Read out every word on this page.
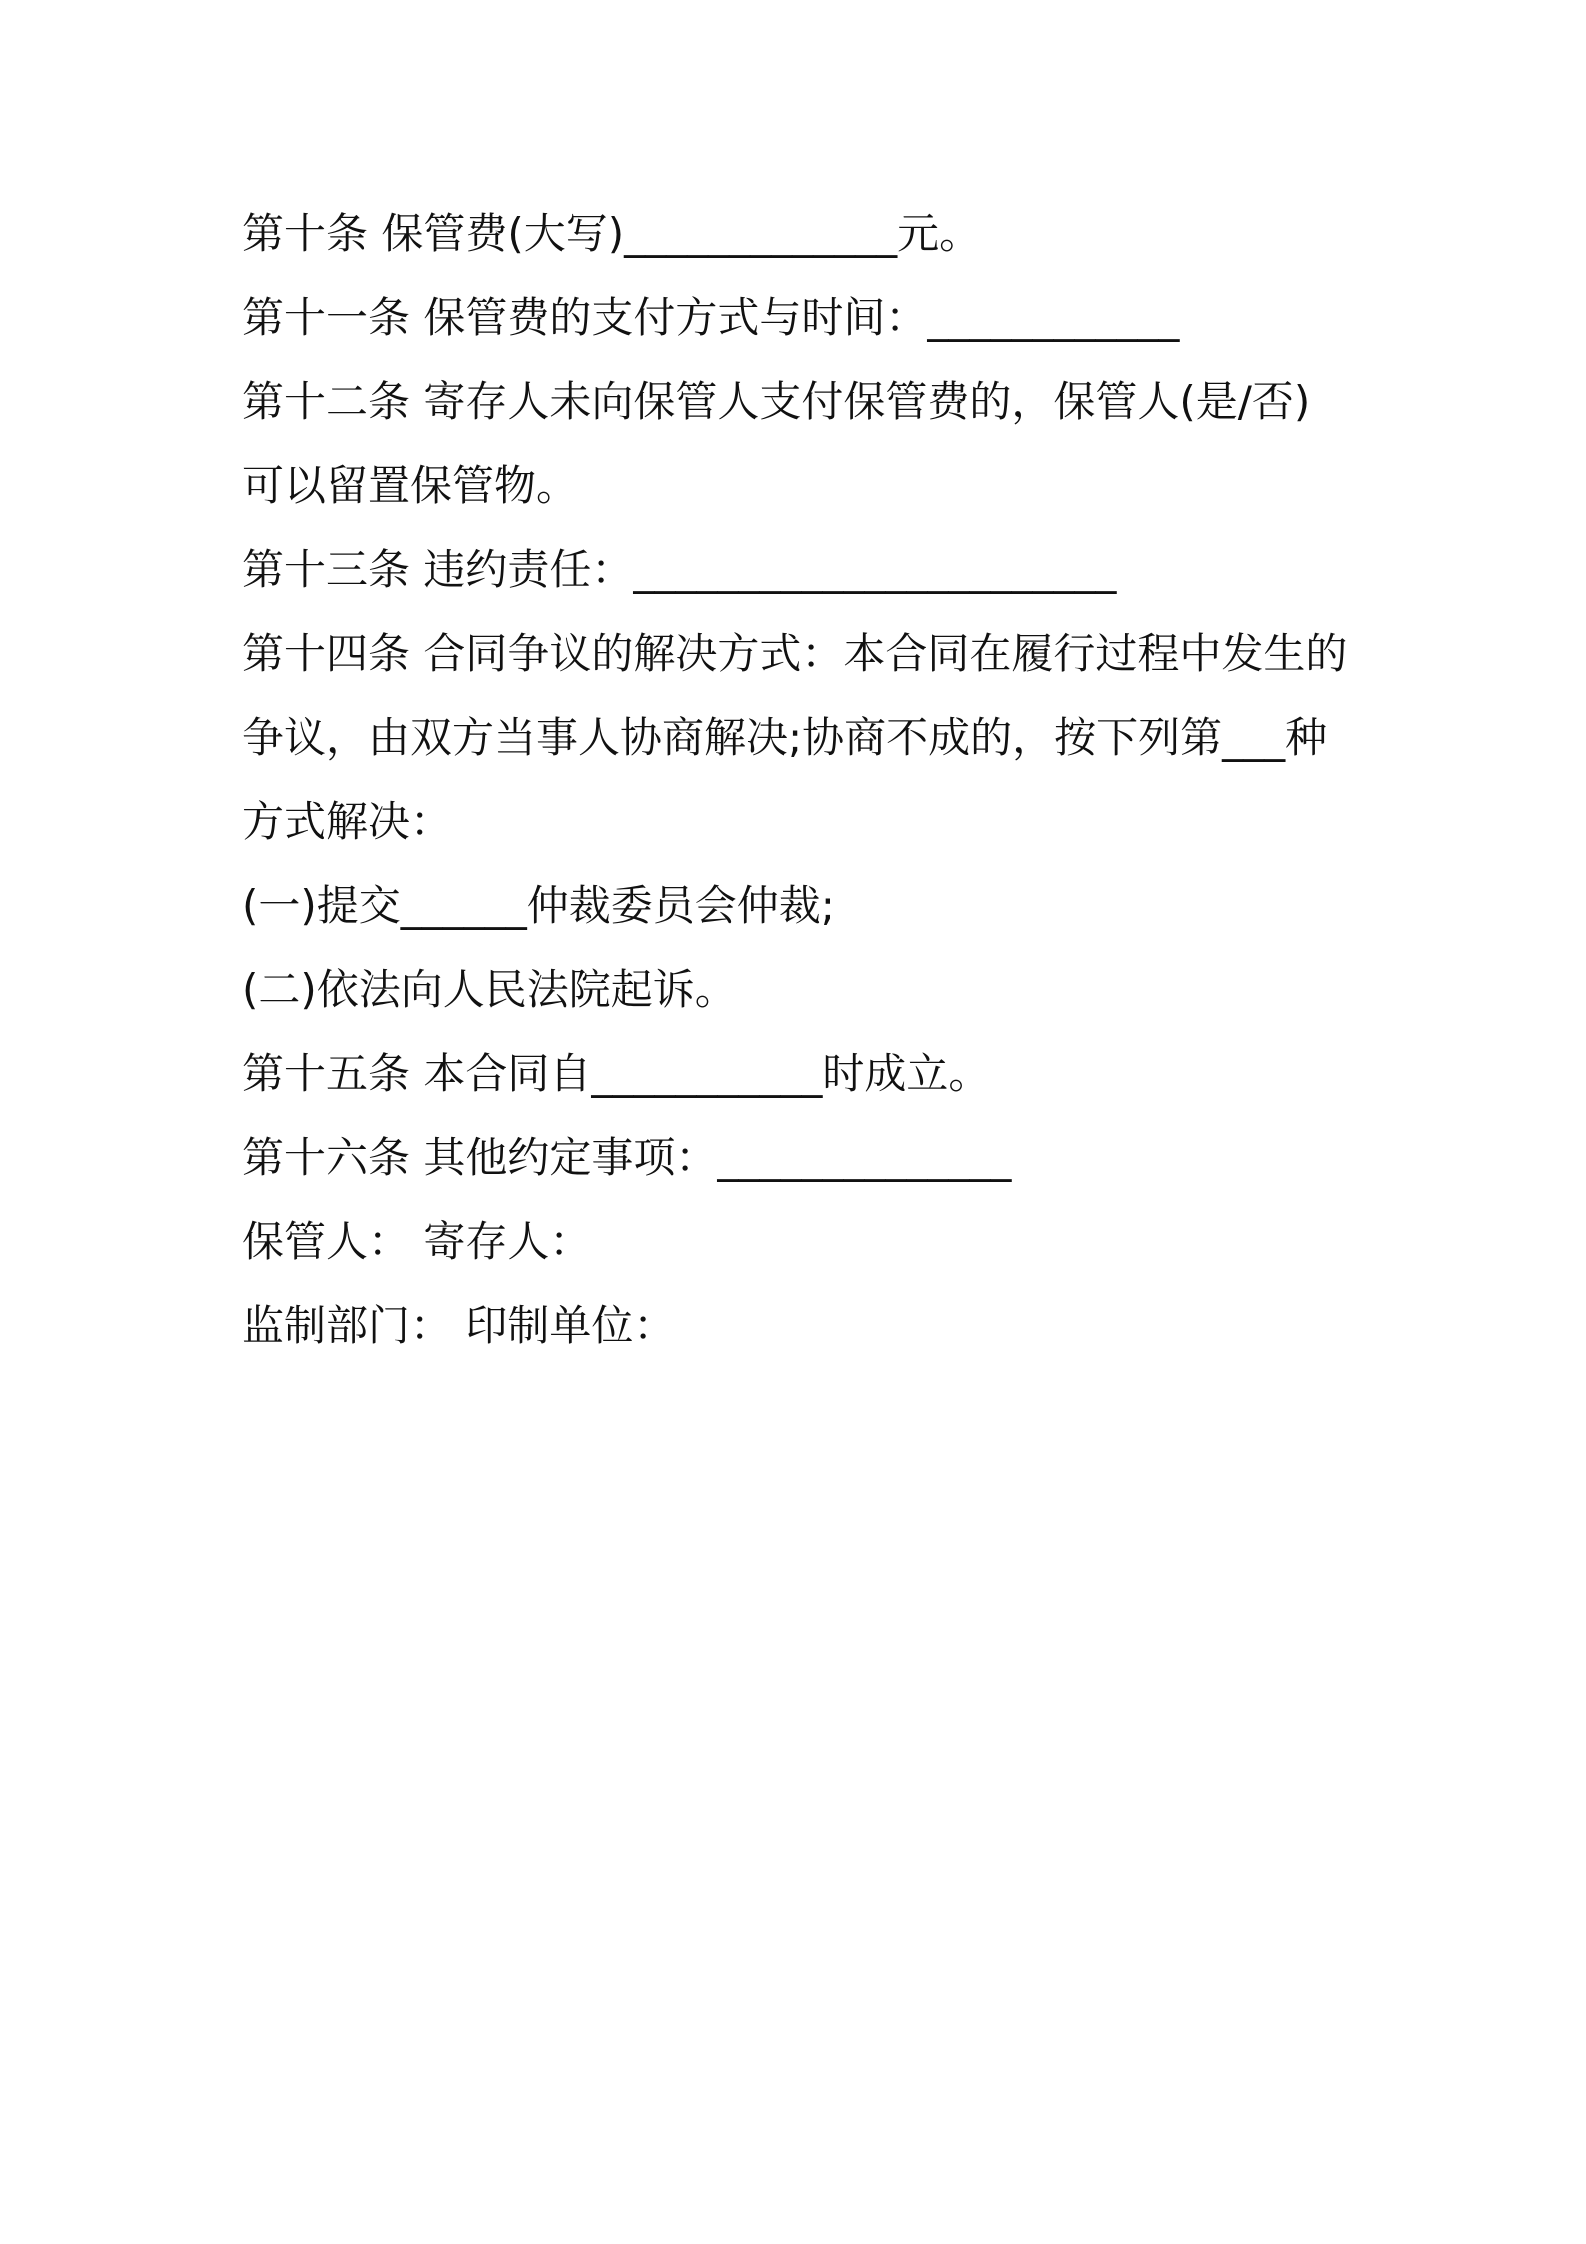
第十条 保管费(大写)_____________元。
第十一条 保管费的支付方式与时间：____________
第十二条 寄存人未向保管人支付保管费的，保管人(是/否)
可以留置保管物。
第十三条 违约责任：_______________________
第十四条 合同争议的解决方式：本合同在履行过程中发生的
争议，由双方当事人协商解决;协商不成的，按下列第___种
方式解决：
(一)提交______仲裁委员会仲裁;
(二)依法向人民法院起诉。
第十五条 本合同自___________时成立。
第十六条 其他约定事项：______________
保管人： 寄存人：
监制部门： 印制单位：
